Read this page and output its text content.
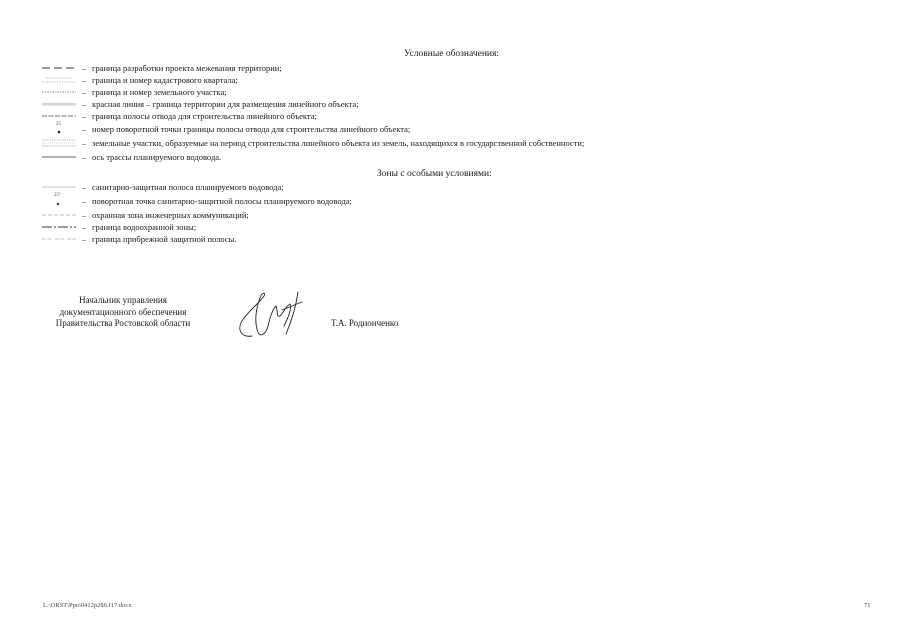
Условные обозначения:
– граница разработки проекта межевания территории;
– граница и номер кадастрового квартала;
– граница и номер земельного участка;
– красная линия – граница территории для размещения линейного объекта;
– граница полосы отвода для строительства линейного объекта;
25	– номер поворотной точки границы полосы отвода для строительства линейного объекта;
– земельные участки, образуемые на период строительства линейного объекта из земель, находящихся в государственной собственности;
– ось трассы планируемого водовода.
Зоны с особыми условиями:
– санитарно-защитная полоса планируемого водовода;
25ª
– поворотная точка санитарно-защитной полосы планируемого водовода;
– охранная зона инженерных коммуникаций;
– граница водоохранной зоны;
– граница прибрежной защитной полосы.
Начальник управления
документационного обеспечения
Правительства Ростовской области	Т.А. Родионченко
L:\ORST\Ppo\0412p286.f17.docx	71
